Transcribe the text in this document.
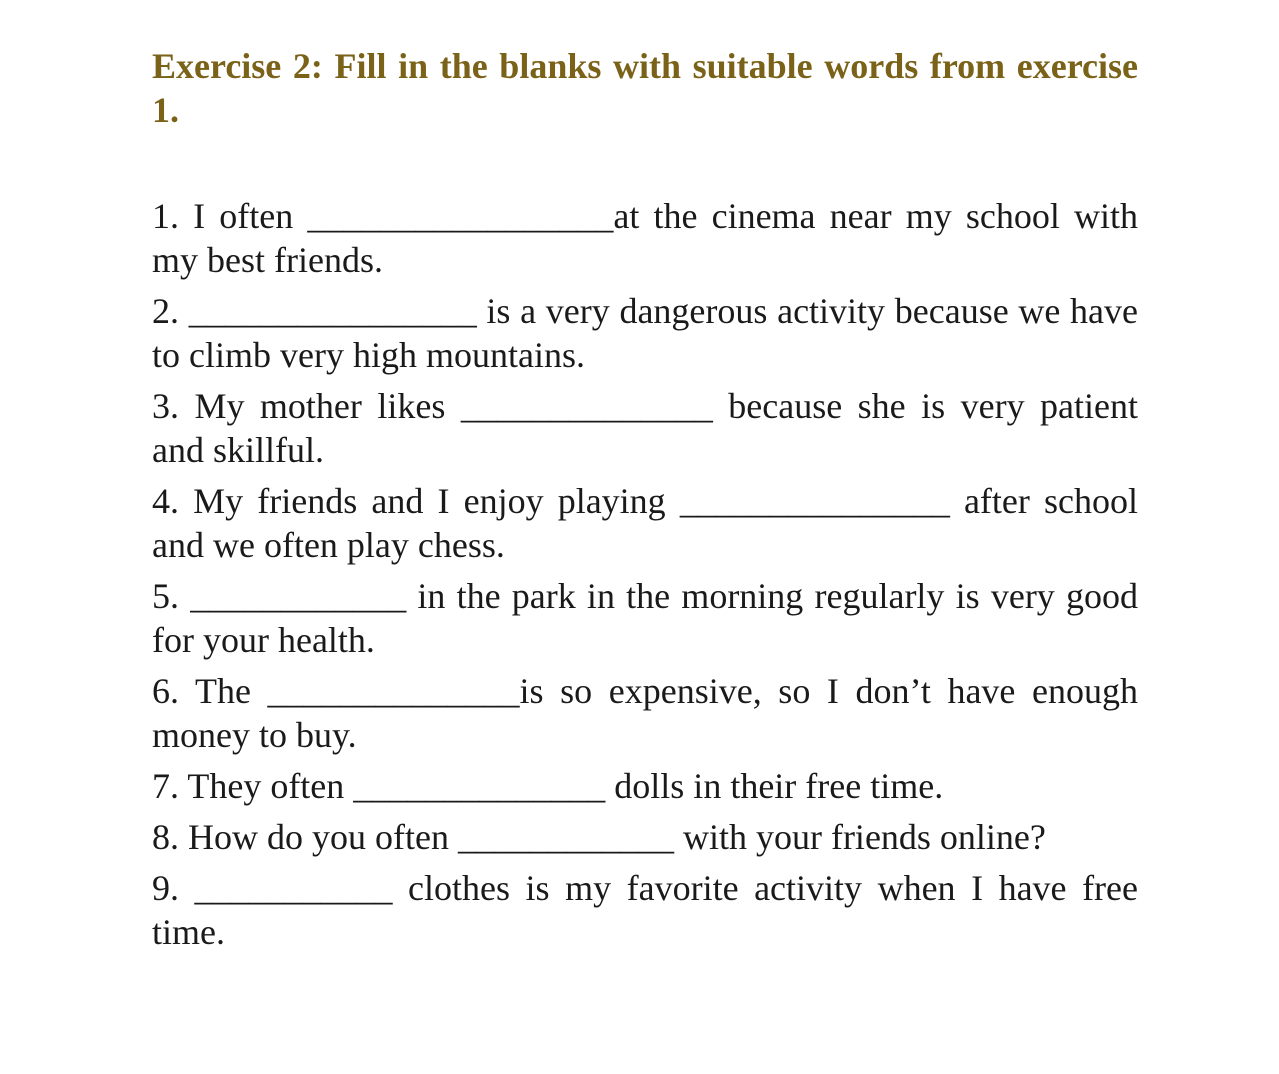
Exercise 2: Fill in the blanks with suitable words from exercise 1.

1. I often _________________at the cinema near my school with my best friends.

2. ________________ is a very dangerous activity because we have to climb very high mountains.

3. My mother likes ______________ because she is very patient and skillful.

4. My friends and I enjoy playing _______________ after school and we often play chess.

5. ____________ in the park in the morning regularly is very good for your health.

6. The ______________is so expensive, so I don’t have enough money to buy.

7. They often ______________ dolls in their free time.

8. How do you often ____________ with your friends online?

9. ___________ clothes is my favorite activity when I have free time.
